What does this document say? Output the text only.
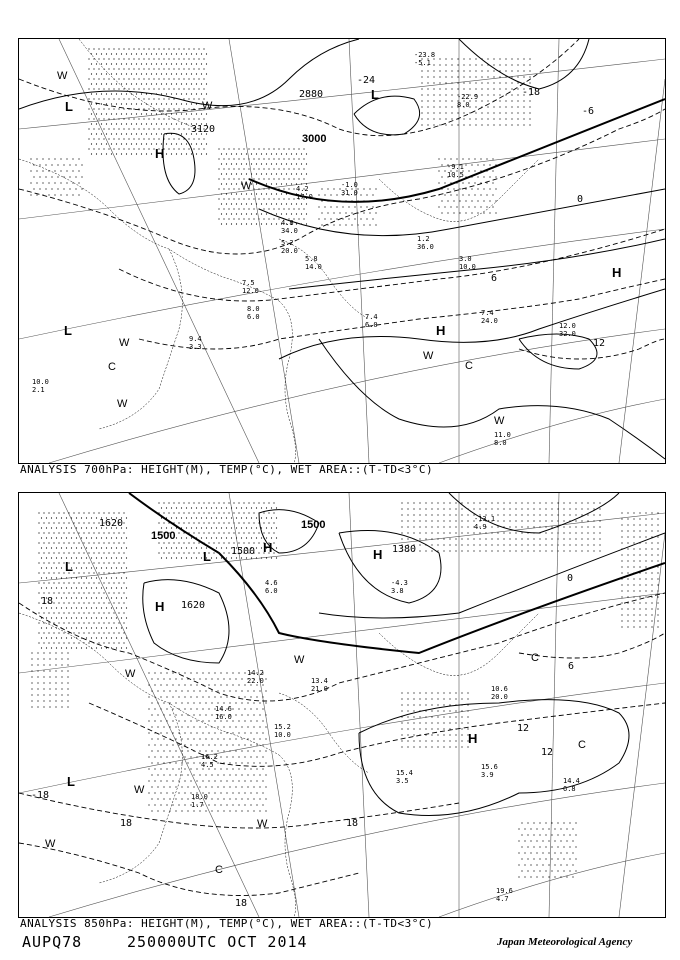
3000
2880
3120
-24
-18
-6
0
6
12
L
L
L
H
H
H
W
W
W
W
W
W
C	C
W
-23.8
-5.1
-22.9
8.0
-9.1
10.5
-1.0
31.0
4.2
17.0
4.8
34.0
5.2
20.0
1.2
36.0
3.0
10.0
7.5
12.0
5.8
14.0
8.0
6.0	7.4
6.0
7.4
24.0
9.4
3.3
10.0
2.1
12.0
32.0
11.0
8.0
ANALYSIS 700hPa: HEIGHT(M), TEMP(°C), WET AREA::(T-TD<3°C)
1500
1500
1620
1380
1500
1620
0
6
12
12
18
18	18
18
-18
L
L
L
H
H
H
H
W
W
W
W
C
C
C
W
-13.1
4.9
-4.3
3.8
4.6
6.0
14.2
22.0
10.6
20.0
13.4
21.0
14.6
16.0
15.2
10.0
15.4
3.5
15.6
3.9
14.4
6.8
16.2
4.5
18.0
1.7
19.6
4.7
ANALYSIS 850hPa: HEIGHT(M), TEMP(°C), WET AREA::(T-TD<3°C)
AUPQ78	250000UTC OCT 2014	Japan Meteorological Agency
